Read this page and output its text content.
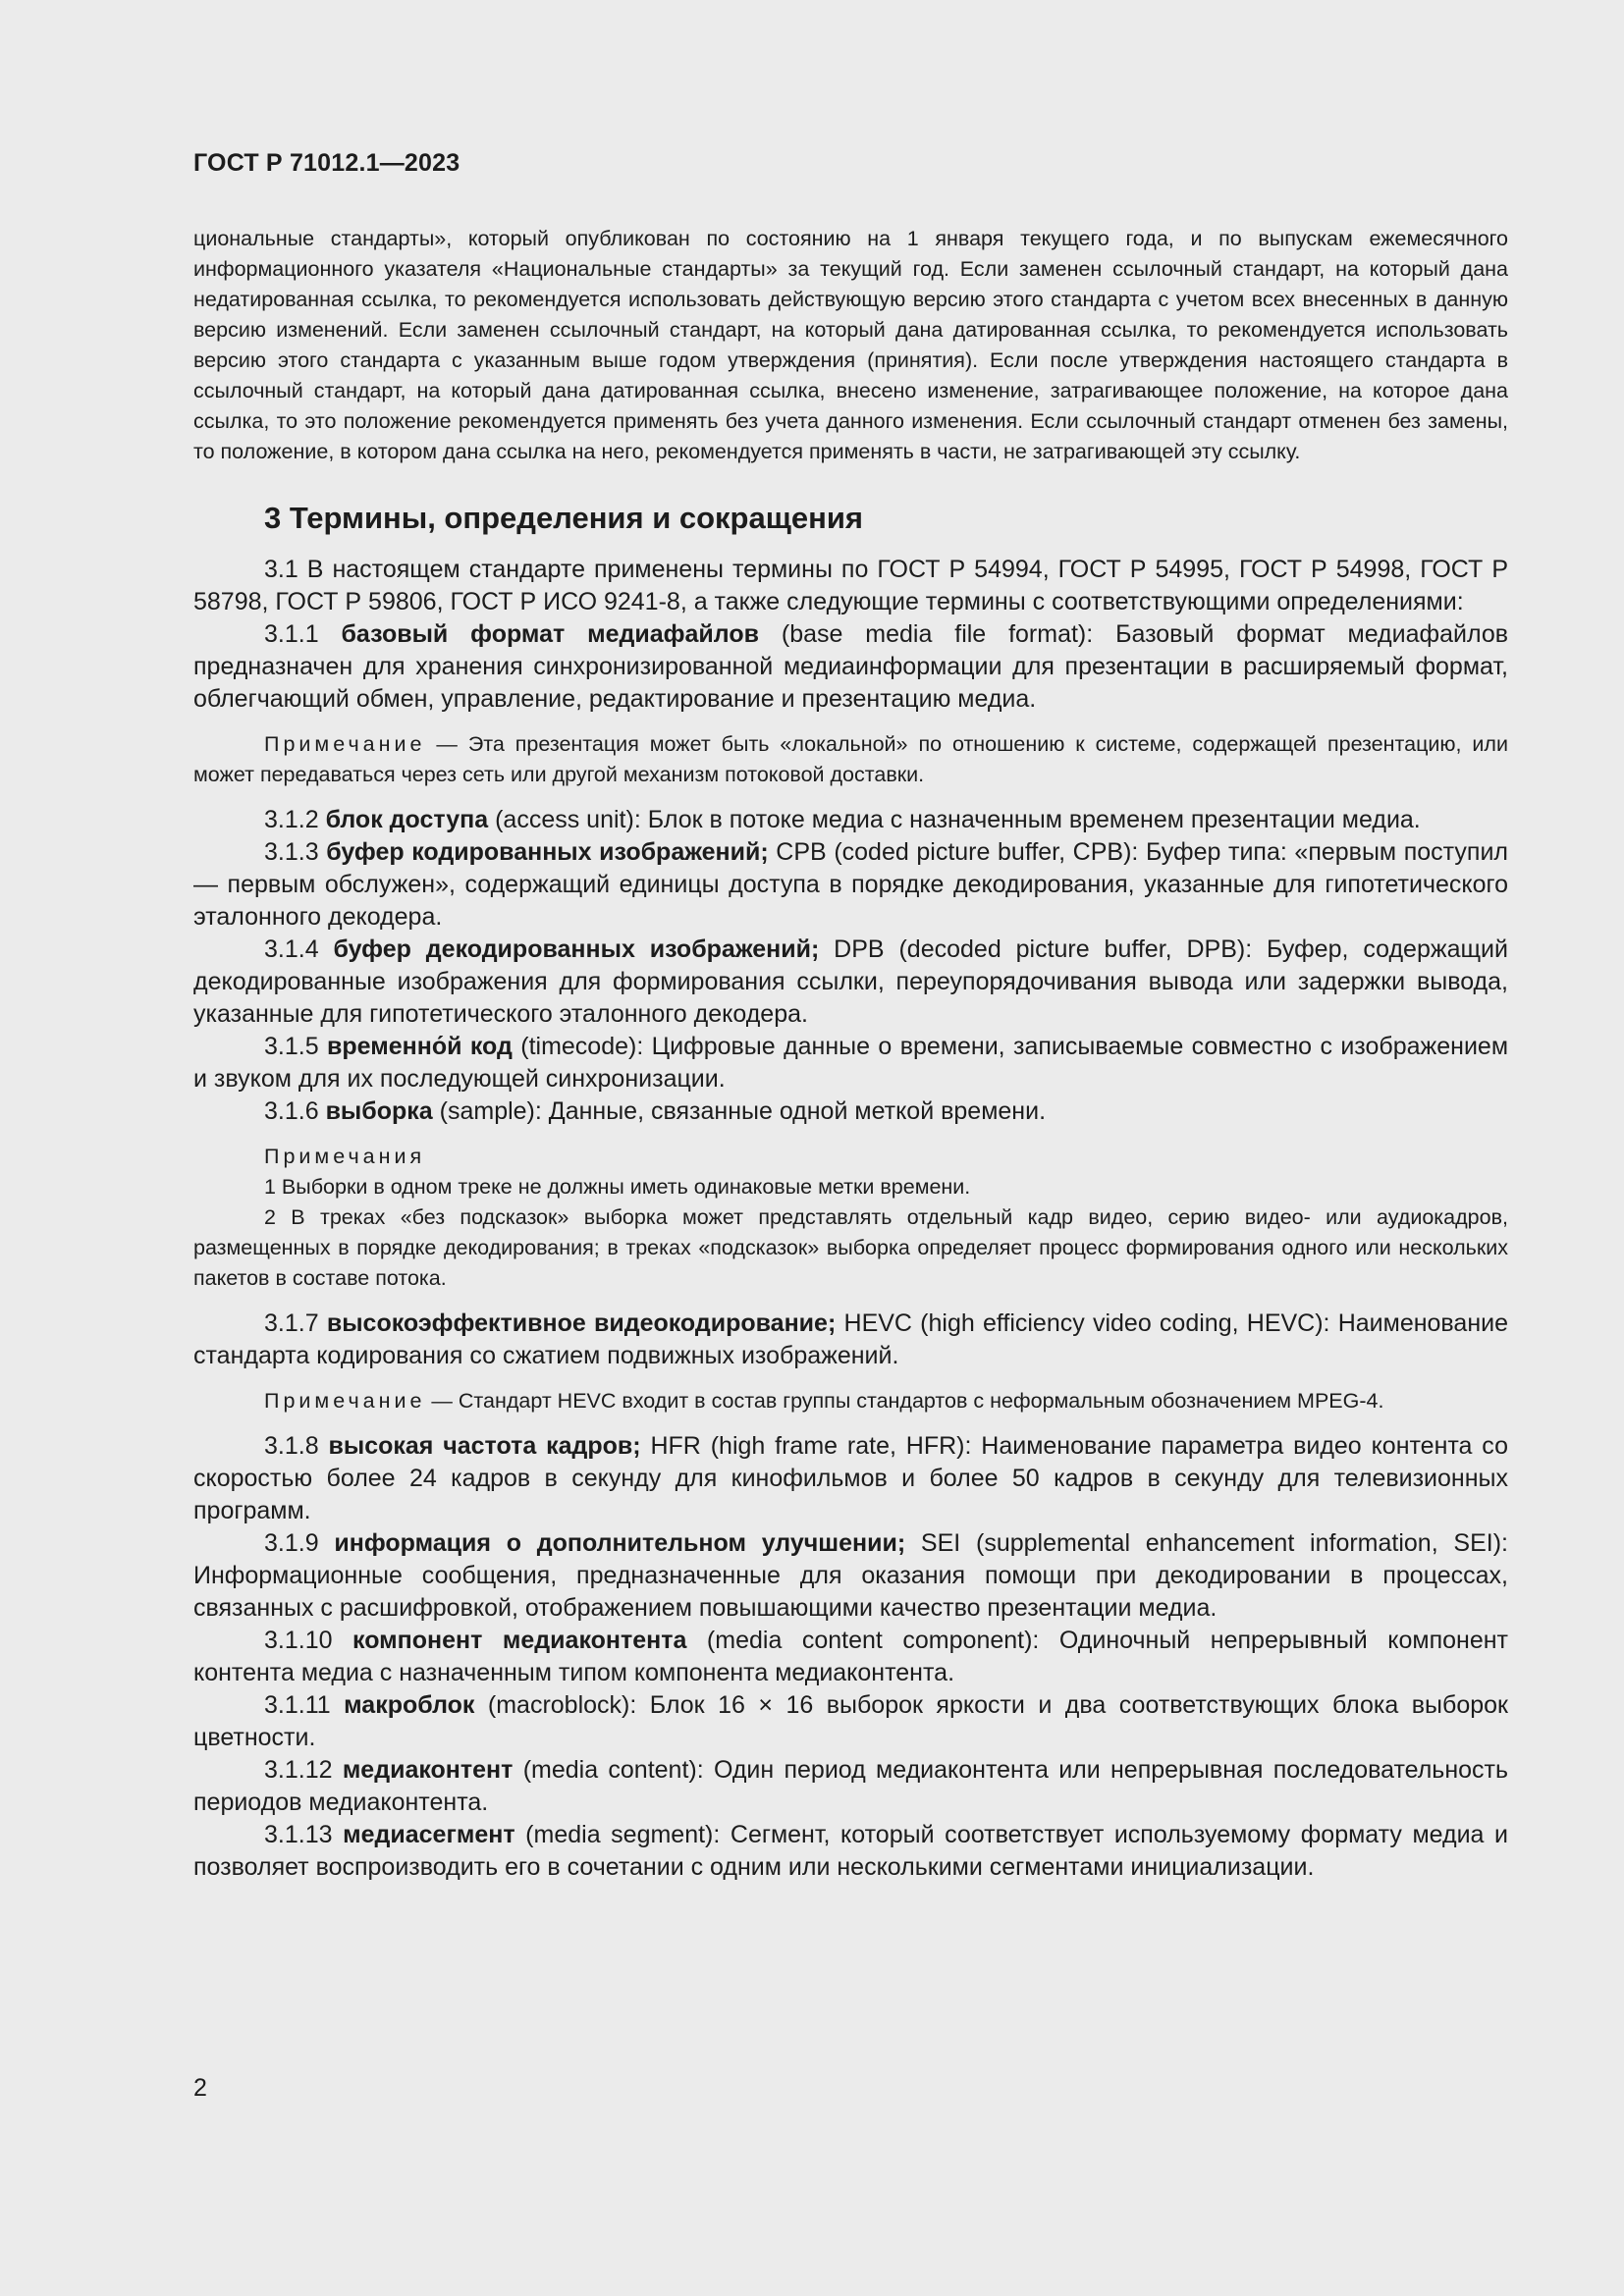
ГОСТ Р 71012.1—2023

циональные стандарты», который опубликован по состоянию на 1 января текущего года, и по выпускам ежемесячного информационного указателя «Национальные стандарты» за текущий год. Если заменен ссылочный стандарт, на который дана недатированная ссылка, то рекомендуется использовать действующую версию этого стандарта с учетом всех внесенных в данную версию изменений. Если заменен ссылочный стандарт, на который дана датированная ссылка, то рекомендуется использовать версию этого стандарта с указанным выше годом утверждения (принятия). Если после утверждения настоящего стандарта в ссылочный стандарт, на который дана датированная ссылка, внесено изменение, затрагивающее положение, на которое дана ссылка, то это положение рекомендуется применять без учета данного изменения. Если ссылочный стандарт отменен без замены, то положение, в котором дана ссылка на него, рекомендуется применять в части, не затрагивающей эту ссылку.

3 Термины, определения и сокращения

3.1 В настоящем стандарте применены термины по ГОСТ Р 54994, ГОСТ Р 54995, ГОСТ Р 54998, ГОСТ Р 58798, ГОСТ Р 59806, ГОСТ Р ИСО 9241-8, а также следующие термины с соответствующими определениями:

3.1.1 базовый формат медиафайлов (base media file format): Базовый формат медиафайлов предназначен для хранения синхронизированной медиаинформации для презентации в расширяемый формат, облегчающий обмен, управление, редактирование и презентацию медиа.

Примечание — Эта презентация может быть «локальной» по отношению к системе, содержащей презентацию, или может передаваться через сеть или другой механизм потоковой доставки.

3.1.2 блок доступа (access unit): Блок в потоке медиа с назначенным временем презентации медиа.

3.1.3 буфер кодированных изображений; CPB (coded picture buffer, CPB): Буфер типа: «первым поступил — первым обслужен», содержащий единицы доступа в порядке декодирования, указанные для гипотетического эталонного декодера.

3.1.4 буфер декодированных изображений; DPB (decoded picture buffer, DPB): Буфер, содержащий декодированные изображения для формирования ссылки, переупорядочивания вывода или задержки вывода, указанные для гипотетического эталонного декодера.

3.1.5 временно́й код (timecode): Цифровые данные о времени, записываемые совместно с изображением и звуком для их последующей синхронизации.

3.1.6 выборка (sample): Данные, связанные одной меткой времени.

Примечания

1 Выборки в одном треке не должны иметь одинаковые метки времени.

2 В треках «без подсказок» выборка может представлять отдельный кадр видео, серию видео- или аудиокадров, размещенных в порядке декодирования; в треках «подсказок» выборка определяет процесс формирования одного или нескольких пакетов в составе потока.

3.1.7 высокоэффективное видеокодирование; HEVC (high efficiency video coding, HEVC): Наименование стандарта кодирования со сжатием подвижных изображений.

Примечание — Стандарт HEVC входит в состав группы стандартов с неформальным обозначением MPEG-4.

3.1.8 высокая частота кадров; HFR (high frame rate, HFR): Наименование параметра видео контента со скоростью более 24 кадров в секунду для кинофильмов и более 50 кадров в секунду для телевизионных программ.

3.1.9 информация о дополнительном улучшении; SEI (supplemental enhancement information, SEI): Информационные сообщения, предназначенные для оказания помощи при декодировании в процессах, связанных с расшифровкой, отображением повышающими качество презентации медиа.

3.1.10 компонент медиаконтента (media content component): Одиночный непрерывный компонент контента медиа с назначенным типом компонента медиаконтента.

3.1.11 макроблок (macroblock): Блок 16 × 16 выборок яркости и два соответствующих блока выборок цветности.

3.1.12 медиаконтент (media content): Один период медиаконтента или непрерывная последовательность периодов медиаконтента.

3.1.13 медиасегмент (media segment): Сегмент, который соответствует используемому формату медиа и позволяет воспроизводить его в сочетании с одним или несколькими сегментами инициализации.

2
